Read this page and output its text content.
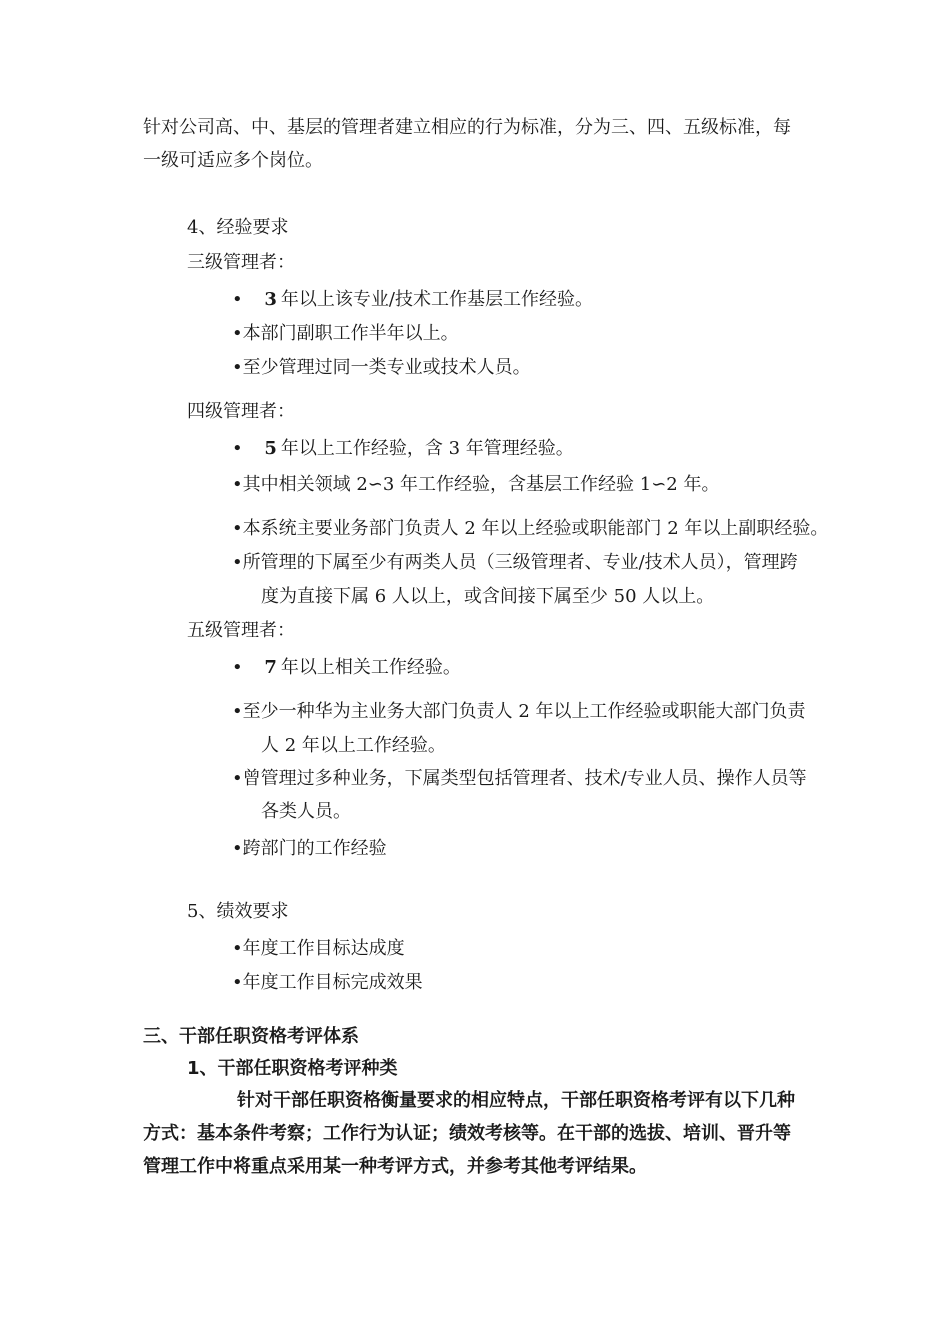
针对公司高、中、基层的管理者建立相应的行为标准，分为三、四、五级标准，每
一级可适应多个岗位。
4、经验要求
三级管理者：
• 3 年以上该专业/技术工作基层工作经验。
•本部门副职工作半年以上。
•至少管理过同一类专业或技术人员。
四级管理者：
• 5 年以上工作经验，含 3 年管理经验。
•其中相关领域 2∽3 年工作经验，含基层工作经验 1∽2 年。
•本系统主要业务部门负责人 2 年以上经验或职能部门 2 年以上副职经验。
•所管理的下属至少有两类人员（三级管理者、专业/技术人员），管理跨
度为直接下属 6 人以上，或含间接下属至少 50 人以上。
五级管理者：
• 7 年以上相关工作经验。
•至少一种华为主业务大部门负责人 2 年以上工作经验或职能大部门负责
人 2 年以上工作经验。
•曾管理过多种业务，下属类型包括管理者、技术/专业人员、操作人员等
各类人员。
•跨部门的工作经验
5、绩效要求
•年度工作目标达成度
•年度工作目标完成效果
三、干部任职资格考评体系
1、干部任职资格考评种类
针对干部任职资格衡量要求的相应特点，干部任职资格考评有以下几种
方式：基本条件考察；工作行为认证；绩效考核等。在干部的选拔、培训、晋升等
管理工作中将重点采用某一种考评方式，并参考其他考评结果。
